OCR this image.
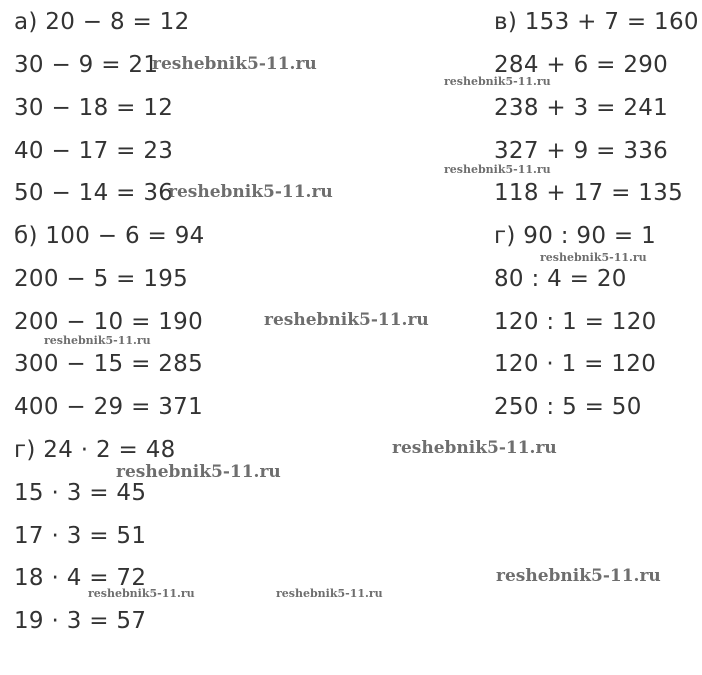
а) 20 − 8 = 12
30 − 9 = 21
30 − 18 = 12
40 − 17 = 23
50 − 14 = 36
б) 100 − 6 = 94
200 − 5 = 195
200 − 10 = 190
300 − 15 = 285
400 − 29 = 371
г) 24 · 2 = 48
15 · 3 = 45
17 · 3 = 51
18 · 4 = 72
19 · 3 = 57
в) 153 + 7 = 160
284 + 6 = 290
238 + 3 = 241
327 + 9 = 336
118 + 17 = 135
г) 90 : 90 = 1
80 : 4 = 20
120 : 1 = 120
120 · 1 = 120
250 : 5 = 50
reshebnik5-11.ru
reshebnik5-11.ru
reshebnik5-11.ru
reshebnik5-11.ru
reshebnik5-11.ru
reshebnik5-11.ru
reshebnik5-11.ru
reshebnik5-11.ru
reshebnik5-11.ru
reshebnik5-11.ru
reshebnik5-11.ru	reshebnik5-11.ru
